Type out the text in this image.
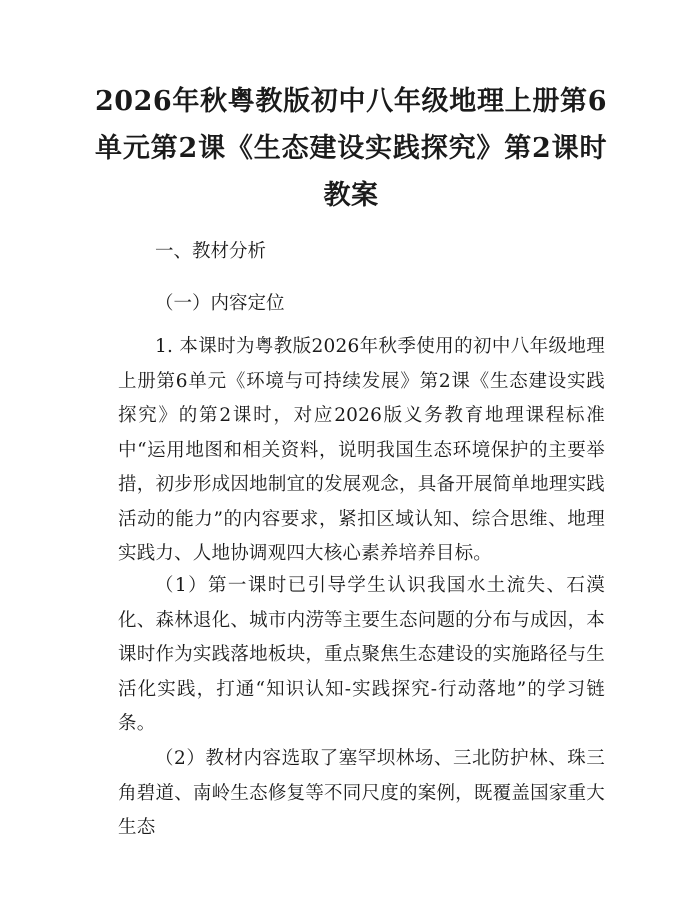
2026年秋粤教版初中八年级地理上册第6单元第2课《生态建设实践探究》第2课时教案

一、教材分析

（一）内容定位

1. 本课时为粤教版2026年秋季使用的初中八年级地理上册第6单元《环境与可持续发展》第2课《生态建设实践探究》的第2课时，对应2026版义务教育地理课程标准中“运用地图和相关资料，说明我国生态环境保护的主要举措，初步形成因地制宜的发展观念，具备开展简单地理实践活动的能力”的内容要求，紧扣区域认知、综合思维、地理实践力、人地协调观四大核心素养培养目标。

（1）第一课时已引导学生认识我国水土流失、石漠化、森林退化、城市内涝等主要生态问题的分布与成因，本课时作为实践落地板块，重点聚焦生态建设的实施路径与生活化实践，打通“知识认知-实践探究-行动落地”的学习链条。

（2）教材内容选取了塞罕坝林场、三北防护林、珠三角碧道、南岭生态修复等不同尺度的案例，既覆盖国家重大生态
